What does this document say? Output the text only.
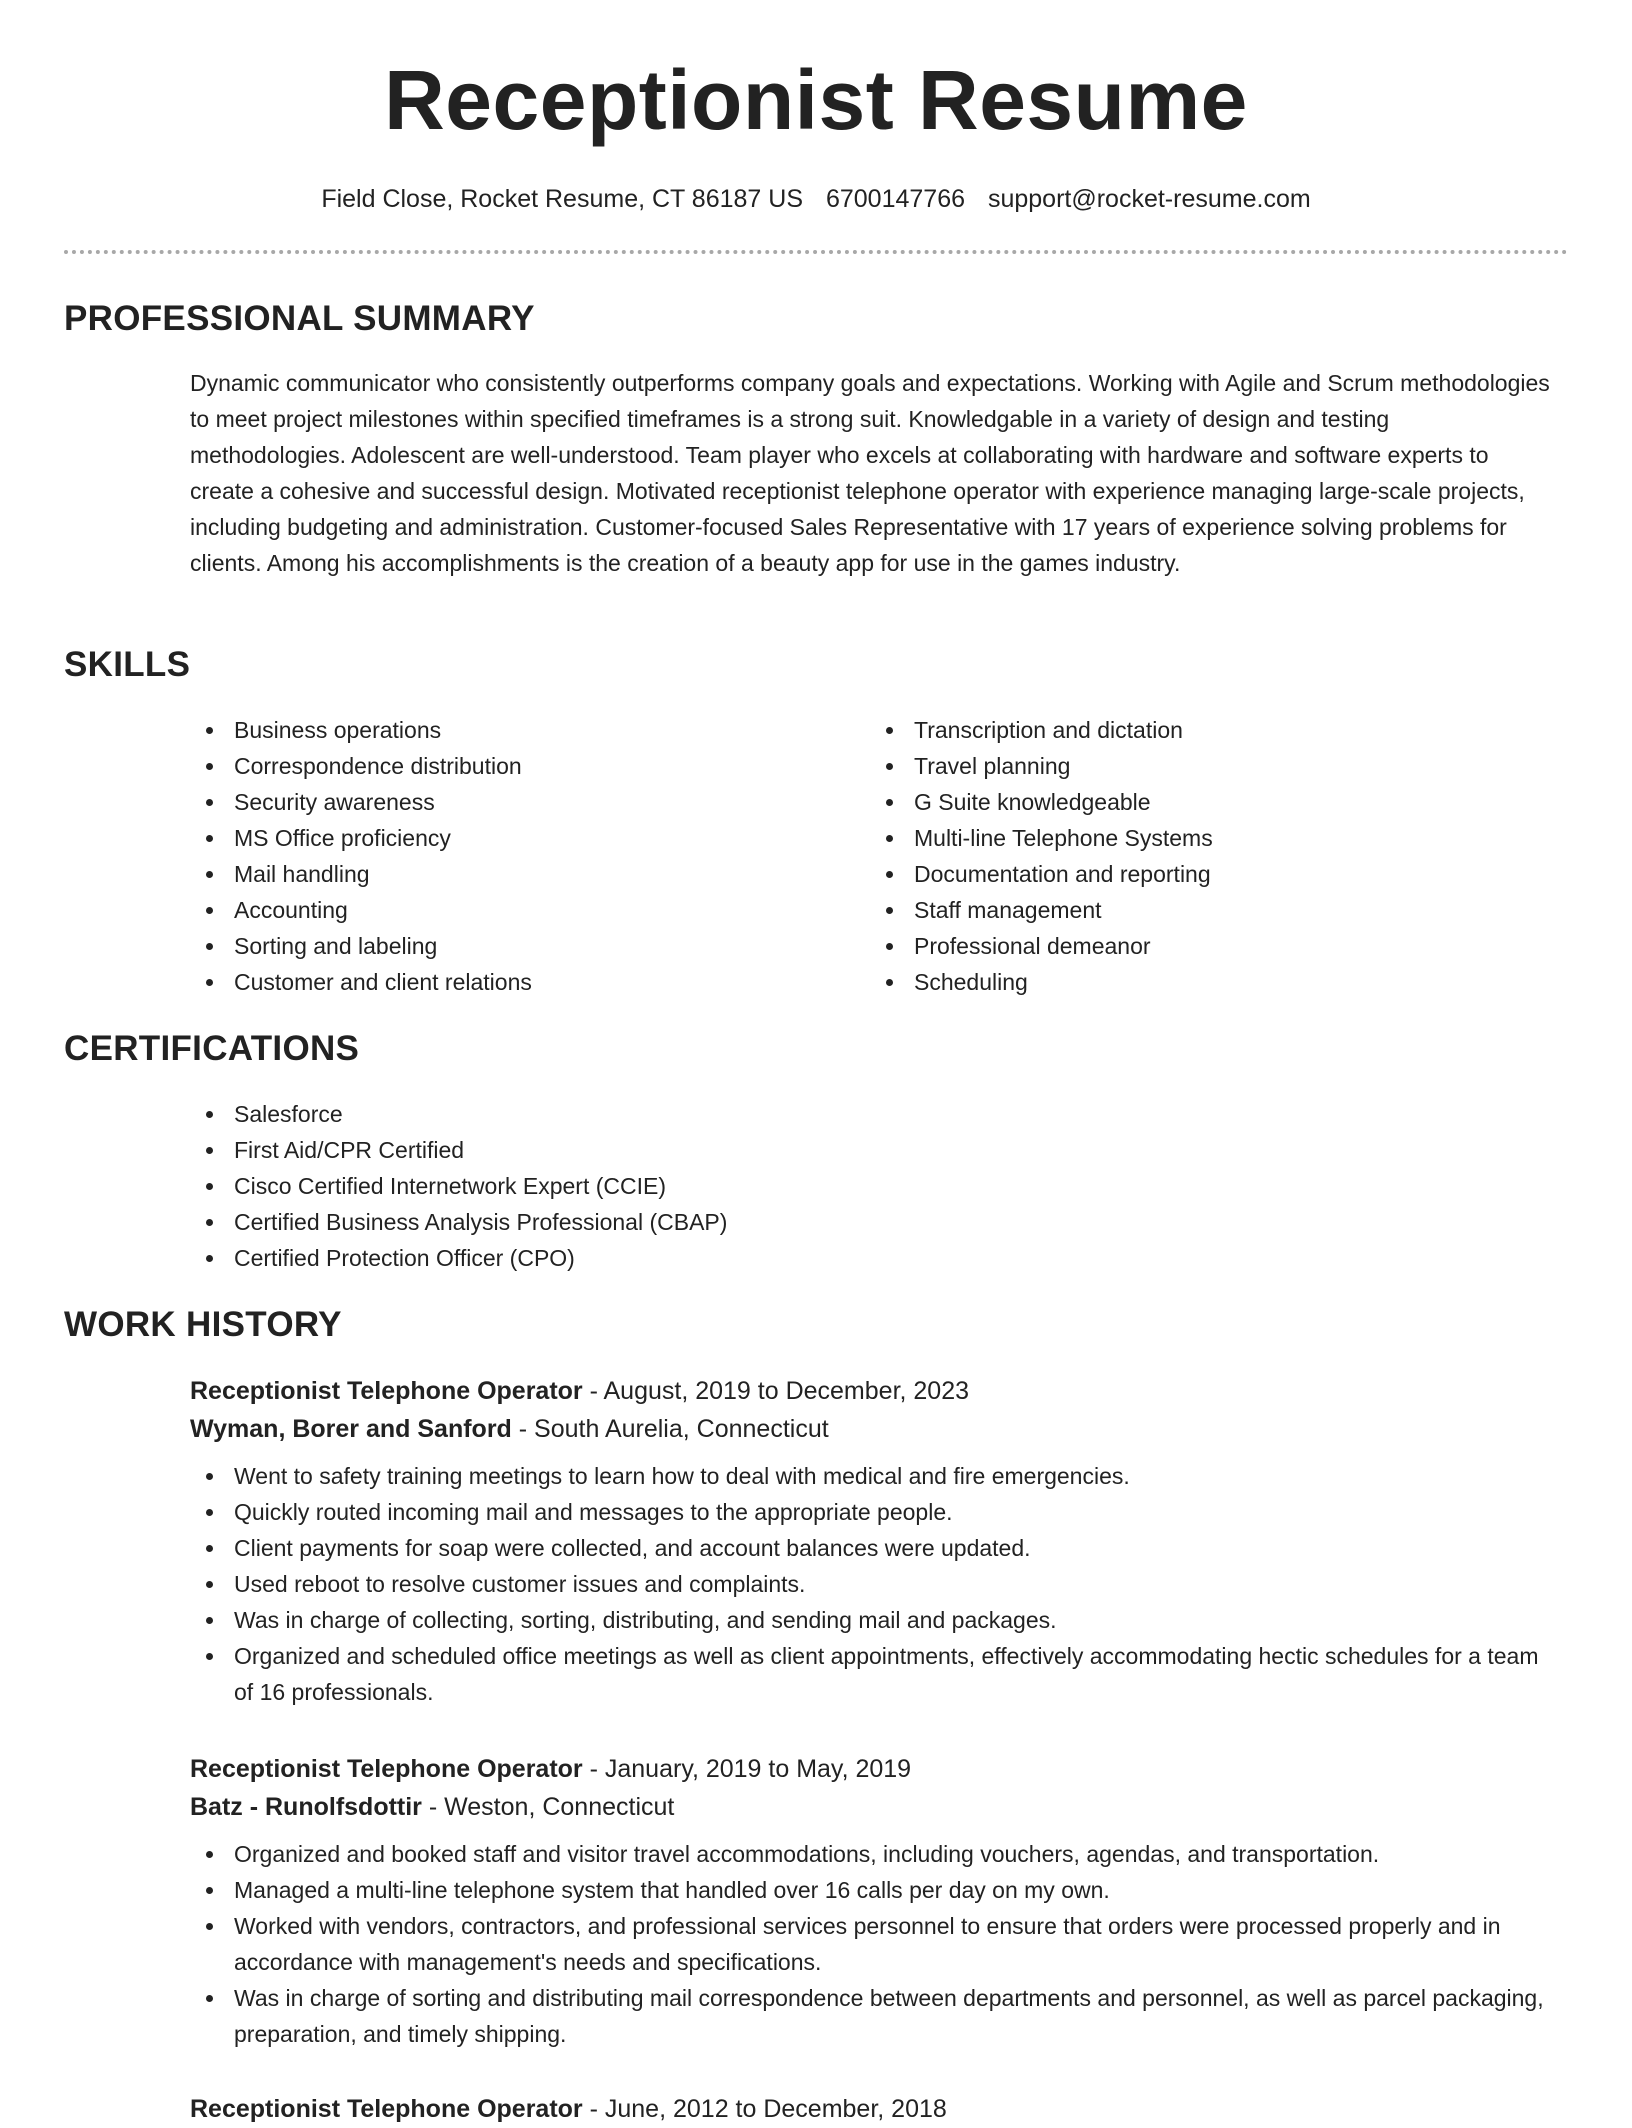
Receptionist Resume
Field Close, Rocket Resume, CT 86187 US 6700147766 support@rocket-resume.com
PROFESSIONAL SUMMARY

Dynamic communicator who consistently outperforms company goals and expectations. Working with Agile and Scrum methodologies to meet project milestones within specified timeframes is a strong suit. Knowledgable in a variety of design and testing methodologies. Adolescent are well-understood. Team player who excels at collaborating with hardware and software experts to create a cohesive and successful design. Motivated receptionist telephone operator with experience managing large-scale projects, including budgeting and administration. Customer-focused Sales Representative with 17 years of experience solving problems for clients. Among his accomplishments is the creation of a beauty app for use in the games industry.

SKILLS
Business operations
Correspondence distribution
Security awareness
MS Office proficiency
Mail handling
Accounting
Sorting and labeling
Customer and client relations
Transcription and dictation
Travel planning
G Suite knowledgeable
Multi-line Telephone Systems
Documentation and reporting
Staff management
Professional demeanor
Scheduling
CERTIFICATIONS
Salesforce
First Aid/CPR Certified
Cisco Certified Internetwork Expert (CCIE)
Certified Business Analysis Professional (CBAP)
Certified Protection Officer (CPO)
WORK HISTORY
Receptionist Telephone Operator - August, 2019 to December, 2023
Wyman, Borer and Sanford - South Aurelia, Connecticut
Went to safety training meetings to learn how to deal with medical and fire emergencies.
Quickly routed incoming mail and messages to the appropriate people.
Client payments for soap were collected, and account balances were updated.
Used reboot to resolve customer issues and complaints.
Was in charge of collecting, sorting, distributing, and sending mail and packages.
Organized and scheduled office meetings as well as client appointments, effectively accommodating hectic schedules for a team of 16 professionals.
Receptionist Telephone Operator - January, 2019 to May, 2019
Batz - Runolfsdottir - Weston, Connecticut
Organized and booked staff and visitor travel accommodations, including vouchers, agendas, and transportation.
Managed a multi-line telephone system that handled over 16 calls per day on my own.
Worked with vendors, contractors, and professional services personnel to ensure that orders were processed properly and in accordance with management's needs and specifications.
Was in charge of sorting and distributing mail correspondence between departments and personnel, as well as parcel packaging, preparation, and timely shipping.
Receptionist Telephone Operator - June, 2012 to December, 2018
